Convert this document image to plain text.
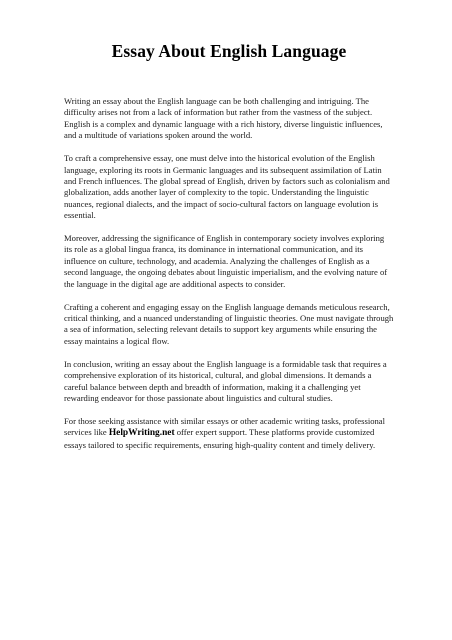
Essay About English Language

Writing an essay about the English language can be both challenging and intriguing. The difficulty arises not from a lack of information but rather from the vastness of the subject. English is a complex and dynamic language with a rich history, diverse linguistic influences, and a multitude of variations spoken around the world.

To craft a comprehensive essay, one must delve into the historical evolution of the English language, exploring its roots in Germanic languages and its subsequent assimilation of Latin and French influences. The global spread of English, driven by factors such as colonialism and globalization, adds another layer of complexity to the topic. Understanding the linguistic nuances, regional dialects, and the impact of socio-cultural factors on language evolution is essential.

Moreover, addressing the significance of English in contemporary society involves exploring its role as a global lingua franca, its dominance in international communication, and its influence on culture, technology, and academia. Analyzing the challenges of English as a second language, the ongoing debates about linguistic imperialism, and the evolving nature of the language in the digital age are additional aspects to consider.

Crafting a coherent and engaging essay on the English language demands meticulous research, critical thinking, and a nuanced understanding of linguistic theories. One must navigate through a sea of information, selecting relevant details to support key arguments while ensuring the essay maintains a logical flow.

In conclusion, writing an essay about the English language is a formidable task that requires a comprehensive exploration of its historical, cultural, and global dimensions. It demands a careful balance between depth and breadth of information, making it a challenging yet rewarding endeavor for those passionate about linguistics and cultural studies.

For those seeking assistance with similar essays or other academic writing tasks, professional services like HelpWriting.net offer expert support. These platforms provide customized essays tailored to specific requirements, ensuring high-quality content and timely delivery.
